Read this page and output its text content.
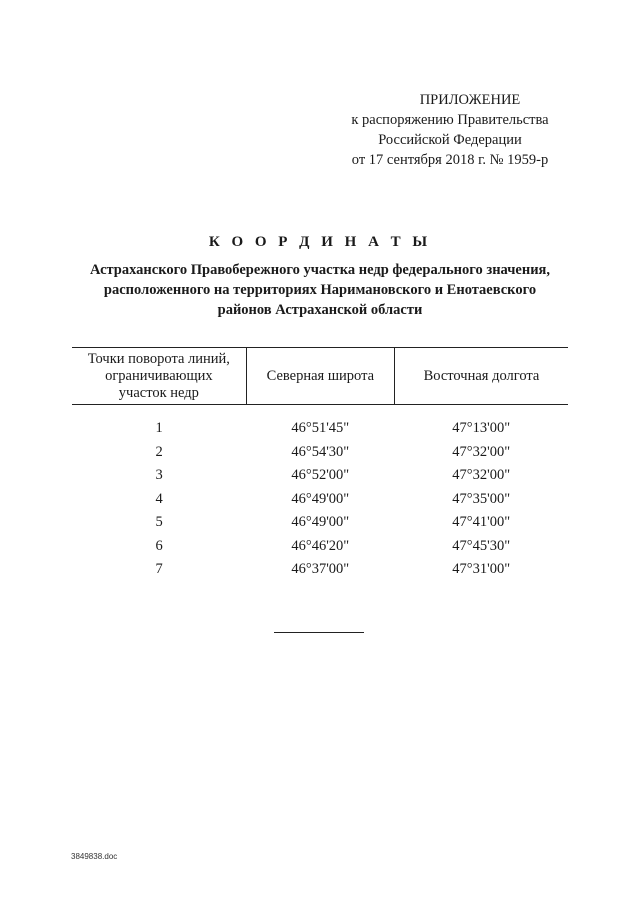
ПРИЛОЖЕНИЕ
к распоряжению Правительства
Российской Федерации
от 17 сентября 2018 г. № 1959-р
К О О Р Д И Н А Т Ы
Астраханского Правобережного участка недр федерального значения,
расположенного на территориях Наримановского и Енотаевского
районов Астраханской области
Точки поворота линий,
ограничивающих
участок недр	Северная широта	Восточная долгота
1	46°51'45"	47°13'00"
2	46°54'30"	47°32'00"
3	46°52'00"	47°32'00"
4	46°49'00"	47°35'00"
5	46°49'00"	47°41'00"
6	46°46'20"	47°45'30"
7	46°37'00"	47°31'00"
3849838.doc
